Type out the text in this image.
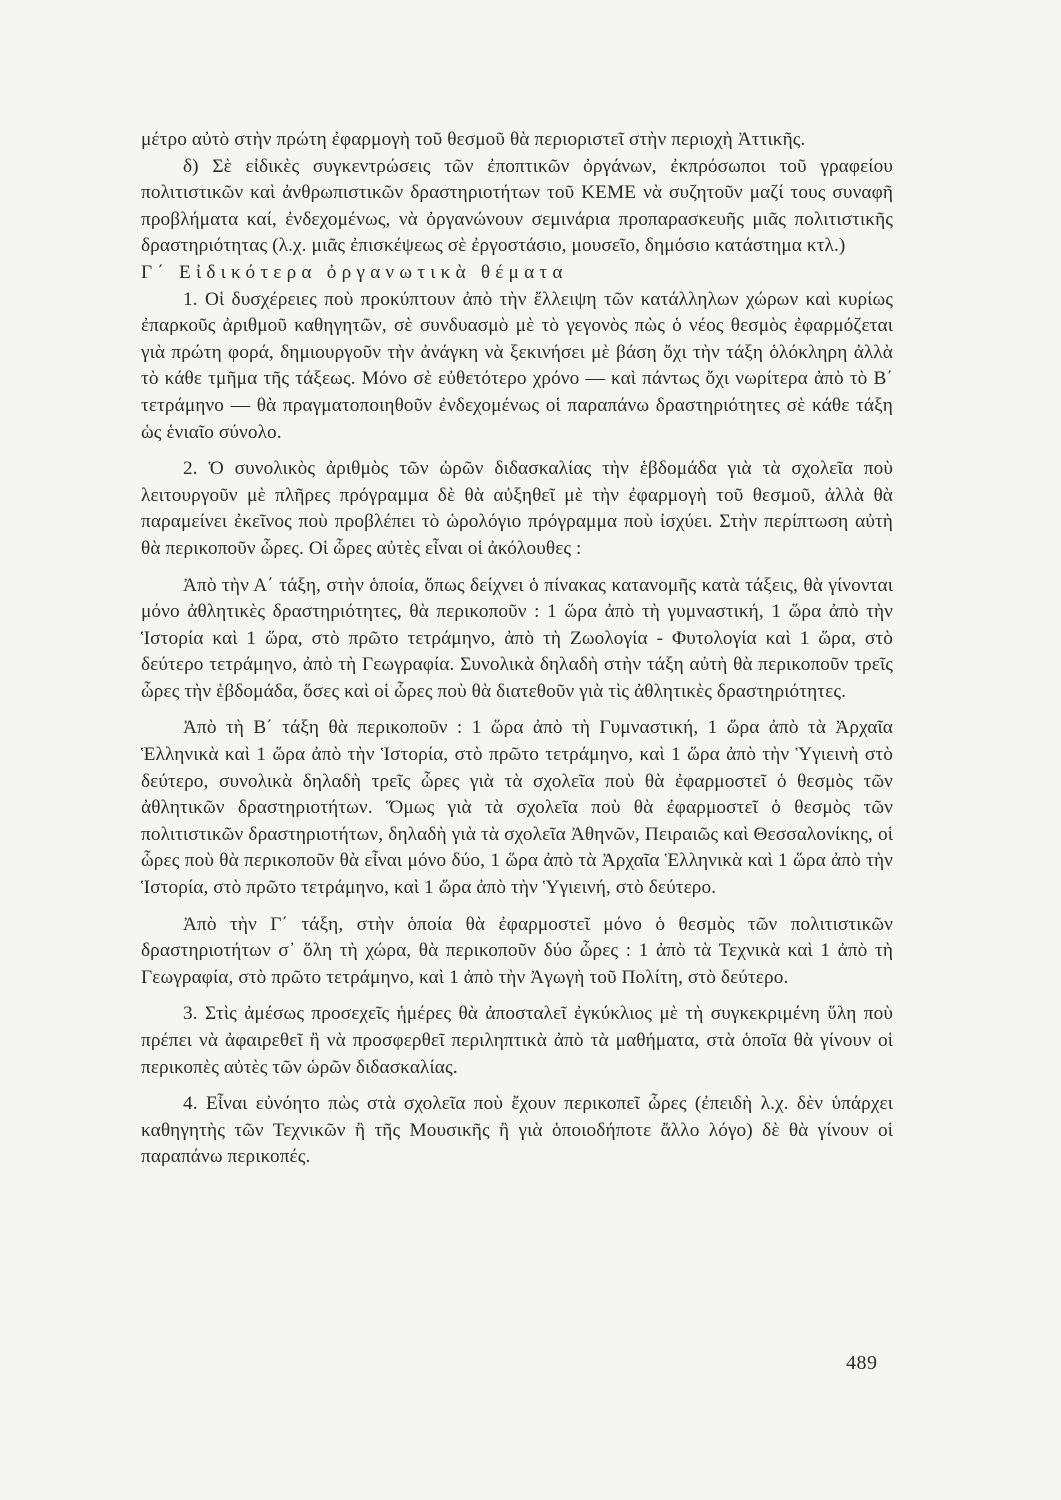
μέτρο αὐτὸ στὴν πρώτη ἐφαρμογὴ τοῦ θεσμοῦ θὰ περιοριστεῖ στὴν περιοχὴ Ἀττικῆς.

δ) Σὲ εἰδικὲς συγκεντρώσεις τῶν ἐποπτικῶν ὀργάνων, ἐκπρόσωποι τοῦ γραφείου πολιτιστικῶν καὶ ἀνθρωπιστικῶν δραστηριοτήτων τοῦ ΚΕΜΕ νὰ συζητοῦν μαζί τους συναφῆ προβλήματα καί, ἐνδεχομένως, νὰ ὀργανώνουν σεμινάρια προπαρασκευῆς μιᾶς πολιτιστικῆς δραστηριότητας (λ.χ. μιᾶς ἐπισκέψεως σὲ ἐργοστάσιο, μουσεῖο, δημόσιο κατάστημα κτλ.)

Γ΄ Εἰδικότερα ὀργανωτικὰ θέματα

1. Οἱ δυσχέρειες ποὺ προκύπτουν ἀπὸ τὴν ἔλλειψη τῶν κατάλληλων χώρων καὶ κυρίως ἐπαρκοῦς ἀριθμοῦ καθηγητῶν, σὲ συνδυασμὸ μὲ τὸ γεγονὸς πὼς ὁ νέος θεσμὸς ἐφαρμόζεται γιὰ πρώτη φορά, δημιουργοῦν τὴν ἀνάγκη νὰ ξεκινήσει μὲ βάση ὄχι τὴν τάξη ὁλόκληρη ἀλλὰ τὸ κάθε τμῆμα τῆς τάξεως. Μόνο σὲ εὐθετότερο χρόνο — καὶ πάντως ὄχι νωρίτερα ἀπὸ τὸ Β΄ τετράμηνο — θὰ πραγματοποιηθοῦν ἐνδεχομένως οἱ παραπάνω δραστηριότητες σὲ κάθε τάξη ὡς ἑνιαῖο σύνολο.

2. Ὁ συνολικὸς ἀριθμὸς τῶν ὡρῶν διδασκαλίας τὴν ἑβδομάδα γιὰ τὰ σχολεῖα ποὺ λειτουργοῦν μὲ πλῆρες πρόγραμμα δὲ θὰ αὐξηθεῖ μὲ τὴν ἐφαρμογὴ τοῦ θεσμοῦ, ἀλλὰ θὰ παραμείνει ἐκεῖνος ποὺ προβλέπει τὸ ὡρολόγιο πρόγραμμα ποὺ ἰσχύει. Στὴν περίπτωση αὐτὴ θὰ περικοποῦν ὧρες. Οἱ ὧρες αὐτὲς εἶναι οἱ ἀκόλουθες :

Ἀπὸ τὴν Α΄ τάξη, στὴν ὁποία, ὅπως δείχνει ὁ πίνακας κατανομῆς κατὰ τάξεις, θὰ γίνονται μόνο ἀθλητικὲς δραστηριότητες, θὰ περικοποῦν : 1 ὥρα ἀπὸ τὴ γυμναστική, 1 ὥρα ἀπὸ τὴν Ἱστορία καὶ 1 ὥρα, στὸ πρῶτο τετράμηνο, ἀπὸ τὴ Ζωολογία - Φυτολογία καὶ 1 ὥρα, στὸ δεύτερο τετράμηνο, ἀπὸ τὴ Γεωγραφία. Συνολικὰ δηλαδὴ στὴν τάξη αὐτὴ θὰ περικοποῦν τρεῖς ὧρες τὴν ἑβδομάδα, ὅσες καὶ οἱ ὧρες ποὺ θὰ διατεθοῦν γιὰ τὶς ἀθλητικὲς δραστηριότητες.

Ἀπὸ τὴ Β΄ τάξη θὰ περικοποῦν : 1 ὥρα ἀπὸ τὴ Γυμναστική, 1 ὥρα ἀπὸ τὰ Ἀρχαῖα Ἑλληνικὰ καὶ 1 ὥρα ἀπὸ τὴν Ἱστορία, στὸ πρῶτο τετράμηνο, καὶ 1 ὥρα ἀπὸ τὴν Ὑγιεινὴ στὸ δεύτερο, συνολικὰ δηλαδὴ τρεῖς ὧρες γιὰ τὰ σχολεῖα ποὺ θὰ ἐφαρμοστεῖ ὁ θεσμὸς τῶν ἀθλητικῶν δραστηριοτήτων. Ὅμως γιὰ τὰ σχολεῖα ποὺ θὰ ἐφαρμοστεῖ ὁ θεσμὸς τῶν πολιτιστικῶν δραστηριοτήτων, δηλαδὴ γιὰ τὰ σχολεῖα Ἀθηνῶν, Πειραιῶς καὶ Θεσσαλονίκης, οἱ ὧρες ποὺ θὰ περικοποῦν θὰ εἶναι μόνο δύο, 1 ὥρα ἀπὸ τὰ Ἀρχαῖα Ἑλληνικὰ καὶ 1 ὥρα ἀπὸ τὴν Ἱστορία, στὸ πρῶτο τετράμηνο, καὶ 1 ὥρα ἀπὸ τὴν Ὑγιεινή, στὸ δεύτερο.

Ἀπὸ τὴν Γ΄ τάξη, στὴν ὁποία θὰ ἐφαρμοστεῖ μόνο ὁ θεσμὸς τῶν πολιτιστικῶν δραστηριοτήτων σ᾽ ὅλη τὴ χώρα, θὰ περικοποῦν δύο ὧρες : 1 ἀπὸ τὰ Τεχνικὰ καὶ 1 ἀπὸ τὴ Γεωγραφία, στὸ πρῶτο τετράμηνο, καὶ 1 ἀπὸ τὴν Ἀγωγὴ τοῦ Πολίτη, στὸ δεύτερο.

3. Στὶς ἀμέσως προσεχεῖς ἡμέρες θὰ ἀποσταλεῖ ἐγκύκλιος μὲ τὴ συγκεκριμένη ὕλη ποὺ πρέπει νὰ ἀφαιρεθεῖ ἢ νὰ προσφερθεῖ περιληπτικὰ ἀπὸ τὰ μαθήματα, στὰ ὁποῖα θὰ γίνουν οἱ περικοπὲς αὐτὲς τῶν ὡρῶν διδασκαλίας.

4. Εἶναι εὐνόητο πὼς στὰ σχολεῖα ποὺ ἔχουν περικοπεῖ ὧρες (ἐπειδὴ λ.χ. δὲν ὑπάρχει καθηγητὴς τῶν Τεχνικῶν ἢ τῆς Μουσικῆς ἢ γιὰ ὁποιοδήποτε ἄλλο λόγο) δὲ θὰ γίνουν οἱ παραπάνω περικοπές.

489
